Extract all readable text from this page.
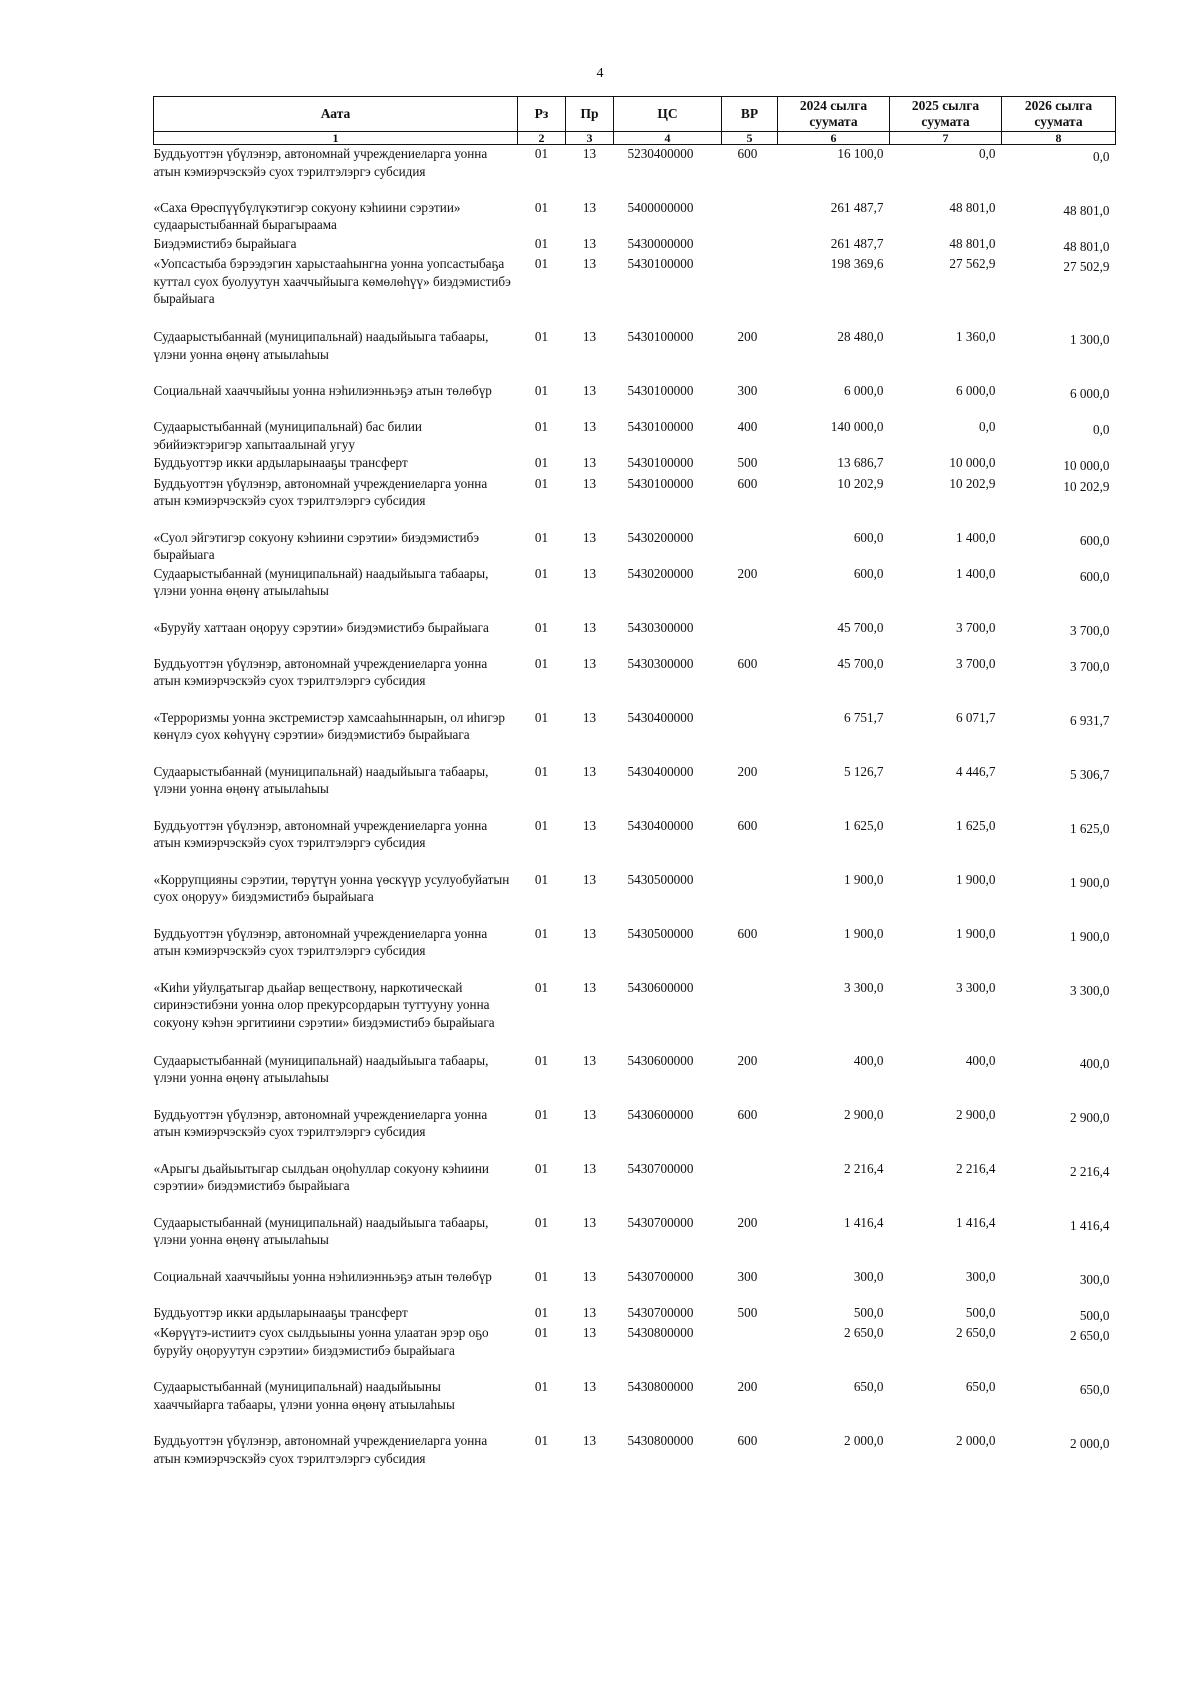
4
Аата	Рз	Пр	ЦС	ВР	2024 сылга суумата	2025 сылга суумата	2026 сылга суумата
1	2	3	4	5	6	7	8
Буддьуоттэн үбүлэнэр, автономнай учреждениеларга уонна атын кэмиэрчэскэйэ суох тэрилтэлэргэ субсидия	01	13	5230400000	600	16 100,0	0,0	0,0
«Саха Өрөспүүбүлүкэтигэр сокуону кэһиини сэрэтии» судаарыстыбаннай бырагыраама	01	13	5400000000		261 487,7	48 801,0	48 801,0
Биэдэмистибэ бырайыага	01	13	5430000000		261 487,7	48 801,0	48 801,0
«Уопсастыба бэрээдэгин харыстааһынгна уонна уопсастыбаҕа куттал суох буолуутун хааччыйыыга көмөлөһүү» биэдэмистибэ бырайыага	01	13	5430100000		198 369,6	27 562,9	27 502,9
Судаарыстыбаннай (муниципальнай) наадыйыыга табаары, үлэни уонна өңөнү атыылаһыы	01	13	5430100000	200	28 480,0	1 360,0	1 300,0
Социальнай хааччыйыы уонна нэһилиэнньэҕэ атын төлөбүр	01	13	5430100000	300	6 000,0	6 000,0	6 000,0
Судаарыстыбаннай (муниципальнай) бас билии эбийиэктэригэр хапытаалынай угуу	01	13	5430100000	400	140 000,0	0,0	0,0
Буддьуоттэр икки ардыларынааҕы трансферт	01	13	5430100000	500	13 686,7	10 000,0	10 000,0
Буддьуоттэн үбүлэнэр, автономнай учреждениеларга уонна атын кэмиэрчэскэйэ суох тэрилтэлэргэ субсидия	01	13	5430100000	600	10 202,9	10 202,9	10 202,9
«Суол эйгэтигэр сокуону кэһиини сэрэтии» биэдэмистибэ бырайыага	01	13	5430200000		600,0	1 400,0	600,0
Судаарыстыбаннай (муниципальнай) наадыйыыга табаары, үлэни уонна өңөнү атыылаһыы	01	13	5430200000	200	600,0	1 400,0	600,0
«Буруйу хаттаан оңоруу сэрэтии» биэдэмистибэ бырайыага	01	13	5430300000		45 700,0	3 700,0	3 700,0
Буддьуоттэн үбүлэнэр, автономнай учреждениеларга уонна атын кэмиэрчэскэйэ суох тэрилтэлэргэ субсидия	01	13	5430300000	600	45 700,0	3 700,0	3 700,0
«Терроризмы уонна экстремистэр хамсааһыннарын, ол иһигэр көнүлэ суох көһүүнү сэрэтии» биэдэмистибэ бырайыага	01	13	5430400000		6 751,7	6 071,7	6 931,7
Судаарыстыбаннай (муниципальнай) наадыйыыга табаары, үлэни уонна өңөнү атыылаһыы	01	13	5430400000	200	5 126,7	4 446,7	5 306,7
Буддьуоттэн үбүлэнэр, автономнай учреждениеларга уонна атын кэмиэрчэскэйэ суох тэрилтэлэргэ субсидия	01	13	5430400000	600	1 625,0	1 625,0	1 625,0
«Коррупцияны сэрэтии, төрүтүн уонна үөскүүр усулуобуйатын суох оңоруу» биэдэмистибэ бырайыага	01	13	5430500000		1 900,0	1 900,0	1 900,0
Буддьуоттэн үбүлэнэр, автономнай учреждениеларга уонна атын кэмиэрчэскэйэ суох тэрилтэлэргэ субсидия	01	13	5430500000	600	1 900,0	1 900,0	1 900,0
«Киһи уйулҕатыгар дьайар веществону, наркотическай сиринэстибэни уонна олор прекурсордарын туттууну уонна сокуону кэһэн эргитиини сэрэтии» биэдэмистибэ бырайыага	01	13	5430600000		3 300,0	3 300,0	3 300,0
Судаарыстыбаннай (муниципальнай) наадыйыыга табаары, үлэни уонна өңөнү атыылаһыы	01	13	5430600000	200	400,0	400,0	400,0
Буддьуоттэн үбүлэнэр, автономнай учреждениеларга уонна атын кэмиэрчэскэйэ суох тэрилтэлэргэ субсидия	01	13	5430600000	600	2 900,0	2 900,0	2 900,0
«Арыгы дьайыытыгар сылдьан оңоһуллар сокуону кэһиини сэрэтии» биэдэмистибэ бырайыага	01	13	5430700000		2 216,4	2 216,4	2 216,4
Судаарыстыбаннай (муниципальнай) наадыйыыга табаары, үлэни уонна өңөнү атыылаһыы	01	13	5430700000	200	1 416,4	1 416,4	1 416,4
Социальнай хааччыйыы уонна нэһилиэнньэҕэ атын төлөбүр	01	13	5430700000	300	300,0	300,0	300,0
Буддьуоттэр икки ардыларынааҕы трансферт	01	13	5430700000	500	500,0	500,0	500,0
«Көрүүтэ-истиитэ суох сылдьыыны уонна улаатан эрэр оҕо буруйу оңоруутун сэрэтии» биэдэмистибэ бырайыага	01	13	5430800000		2 650,0	2 650,0	2 650,0
Судаарыстыбаннай (муниципальнай) наадыйыыны хааччыйарга табаары, үлэни уонна өңөнү атыылаһыы	01	13	5430800000	200	650,0	650,0	650,0
Буддьуоттэн үбүлэнэр, автономнай учреждениеларга уонна атын кэмиэрчэскэйэ суох тэрилтэлэргэ субсидия	01	13	5430800000	600	2 000,0	2 000,0	2 000,0
